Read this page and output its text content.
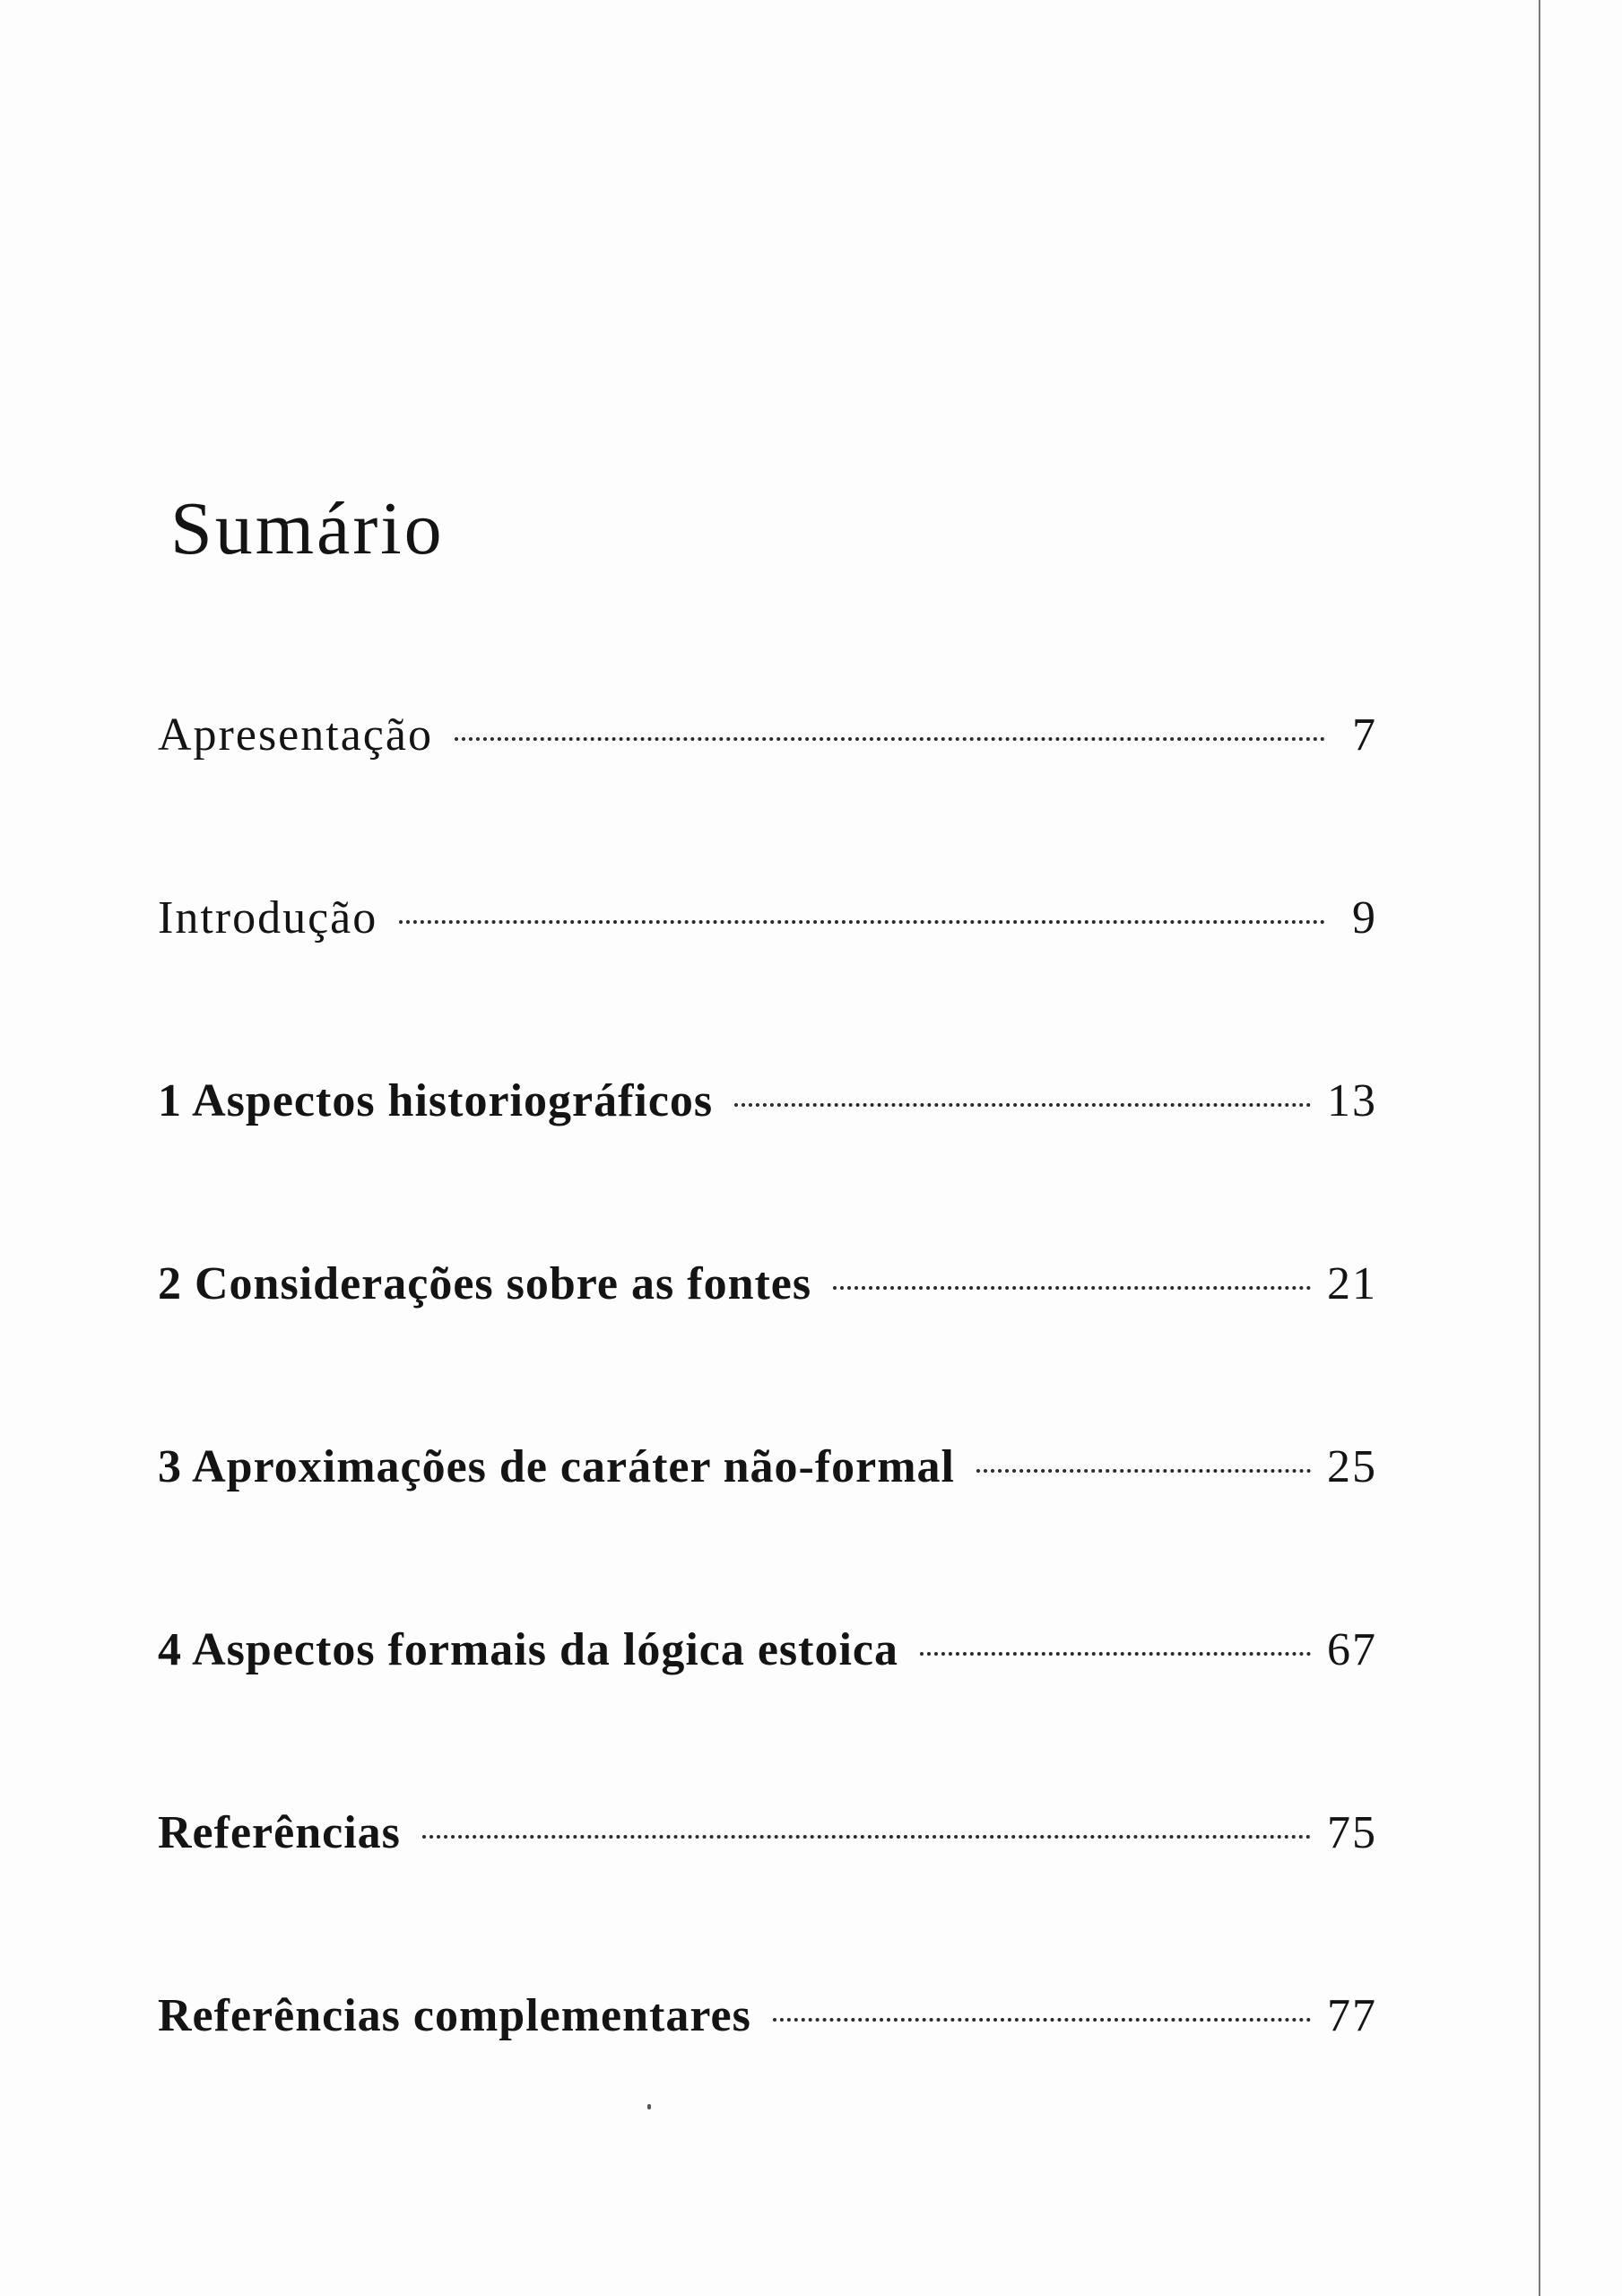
Sumário
Apresentação	7
Introdução	9
1 Aspectos historiográficos	13
2 Considerações sobre as fontes	21
3 Aproximações de caráter não-formal	25
4 Aspectos formais da lógica estoica	67
Referências	75
Referências complementares	77
